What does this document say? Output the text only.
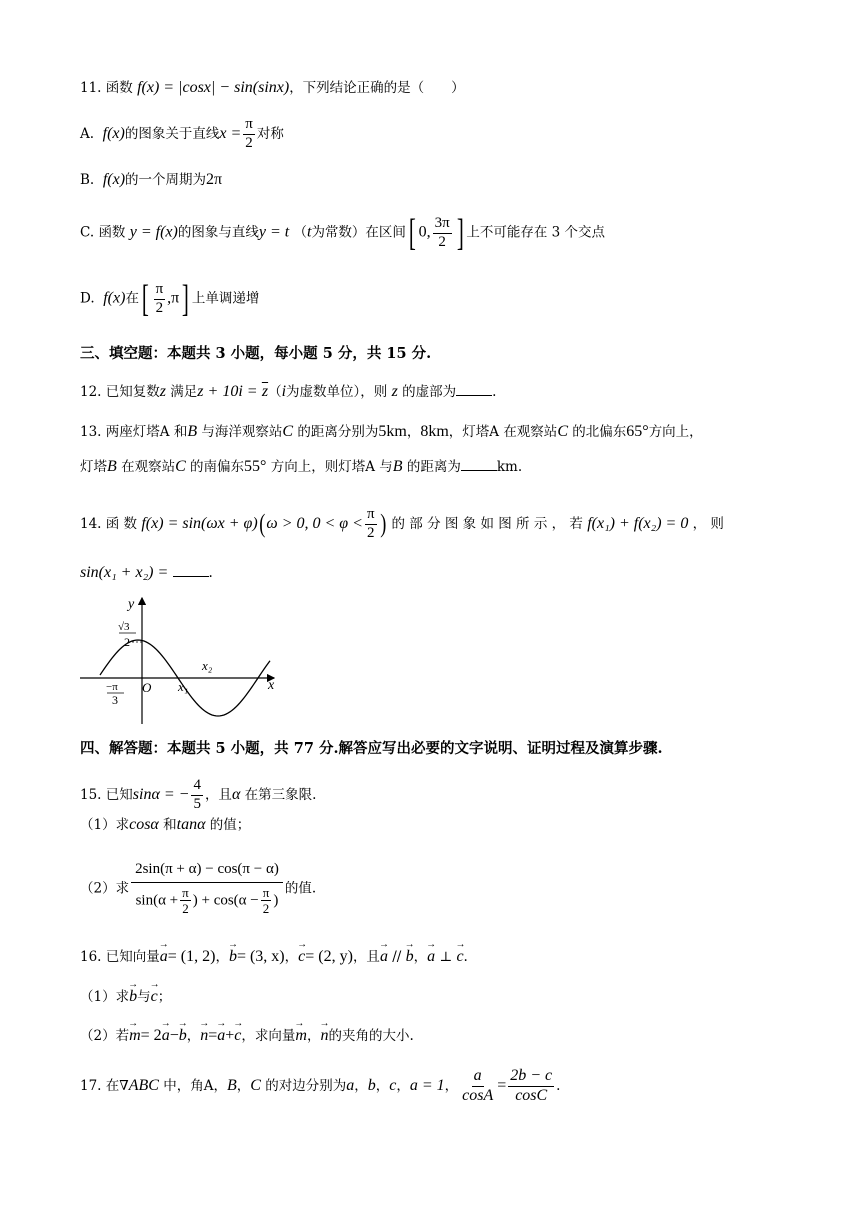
11. 函数 f(x) = |cosx| − sin(sinx)，下列结论正确的是（　　）
A. f(x)的图象关于直线$x = \frac{\pi}{2}$ 对称
B. f(x)的一个周期为2π
C. 函数 y = f(x)的图象与直线y = t （t为常数）在区间[ 0, $\frac{3\pi}{2}$ ] 上不可能存在 3 个交点
D. f(x)在[ $\frac{\pi}{2} ,\pi$] 上单调递增
三、填空题：本题共 3 小题，每小题 5 分，共 15 分.
12. 已知复数z 满足$z + 10i = \overline{z}(i$为虚数单位），则 z 的虚部为	.
13. 两座灯塔A 和B 与海洋观察站C 的距离分别为5km，8km，灯塔A 在观察站C 的北偏东65°方向上，
灯塔B 在观察站C 的南偏东55° 方向上，则灯塔A 与B 的距离为	km.
14. 函 数 f(x) = sin(ωx + φ)(ω > 0, $0 < \varphi < \frac{\pi}{2}$ ) 的 部 分 图 象 如 图 所 示 ， 若 f(x₁) + f(x₂) = 0 ， 则
sin(x₁ + x₂) =	.
y
x
O
√3
2
−π
3
x₁
x₂
四、解答题：本题共 5 小题，共 77 分.解答应写出必要的文字说明、证明过程及演算步骤.
15. 已知sinα = − $\frac{4}{5}$ ，且α 在第三象限.
（1）求cosα 和tanα 的值；
（2）求 $\frac{2\sin(\pi + \alpha) - \cos(\pi - \alpha)}{\sin(\alpha + \frac{\pi}{2} ) + \cos(\alpha - \frac{\pi}{2} )}$ 的值.
16. 已知向量→ a= (1, 2)，→ b= (3, x)，→ c= (2, y)，且→ a // → b，→ a ⊥ → c.
（1）求→ b与→ c；
（2）若→ m= 2→ a−→ b，→ n=→ a+→ c，求向量→ m，→ n的夹角的大小.
17. 在∇ABC 中，角A，B，C 的对边分别为a，b，c，a = 1， $\frac{a}{\cos A} = \frac{2b - c}{\cos C}$ .
